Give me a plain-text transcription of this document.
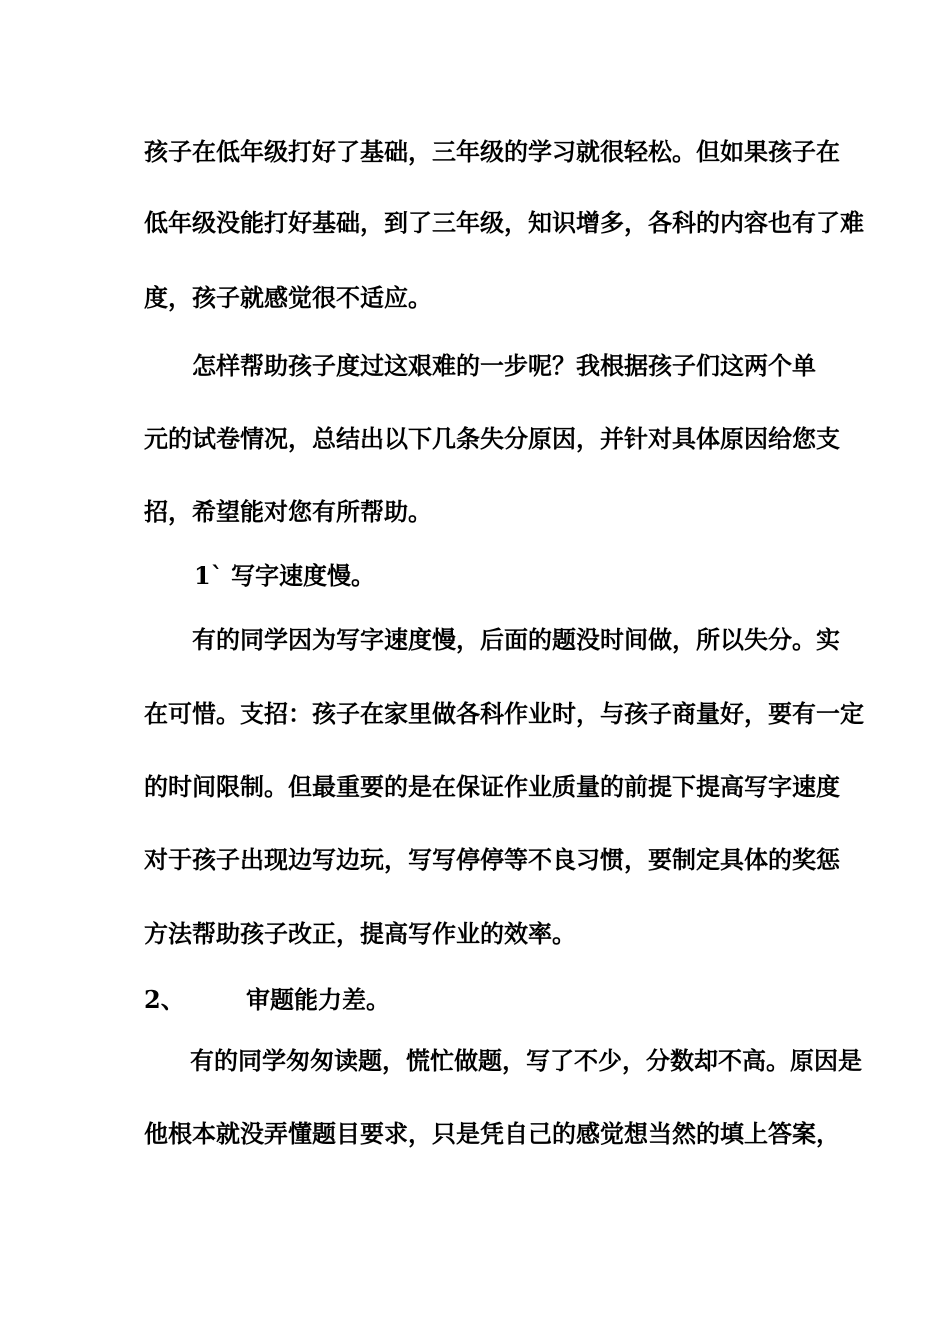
孩子在低年级打好了基础，三年级的学习就很轻松。但如果孩子在
低年级没能打好基础，到了三年级，知识增多，各科的内容也有了难
度，孩子就感觉很不适应。
怎样帮助孩子度过这艰难的一步呢？我根据孩子们这两个单
元的试卷情况，总结出以下几条失分原因，并针对具体原因给您支
招，希望能对您有所帮助。
1` 写字速度慢。
有的同学因为写字速度慢，后面的题没时间做，所以失分。实
在可惜。支招：孩子在家里做各科作业时，与孩子商量好，要有一定
的时间限制。但最重要的是在保证作业质量的前提下提高写字速度
对于孩子出现边写边玩，写写停停等不良习惯，要制定具体的奖惩
方法帮助孩子改正，提高写作业的效率。
2、	审题能力差。
有的同学匆匆读题，慌忙做题，写了不少，分数却不高。原因是
他根本就没弄懂题目要求，只是凭自己的感觉想当然的填上答案，
